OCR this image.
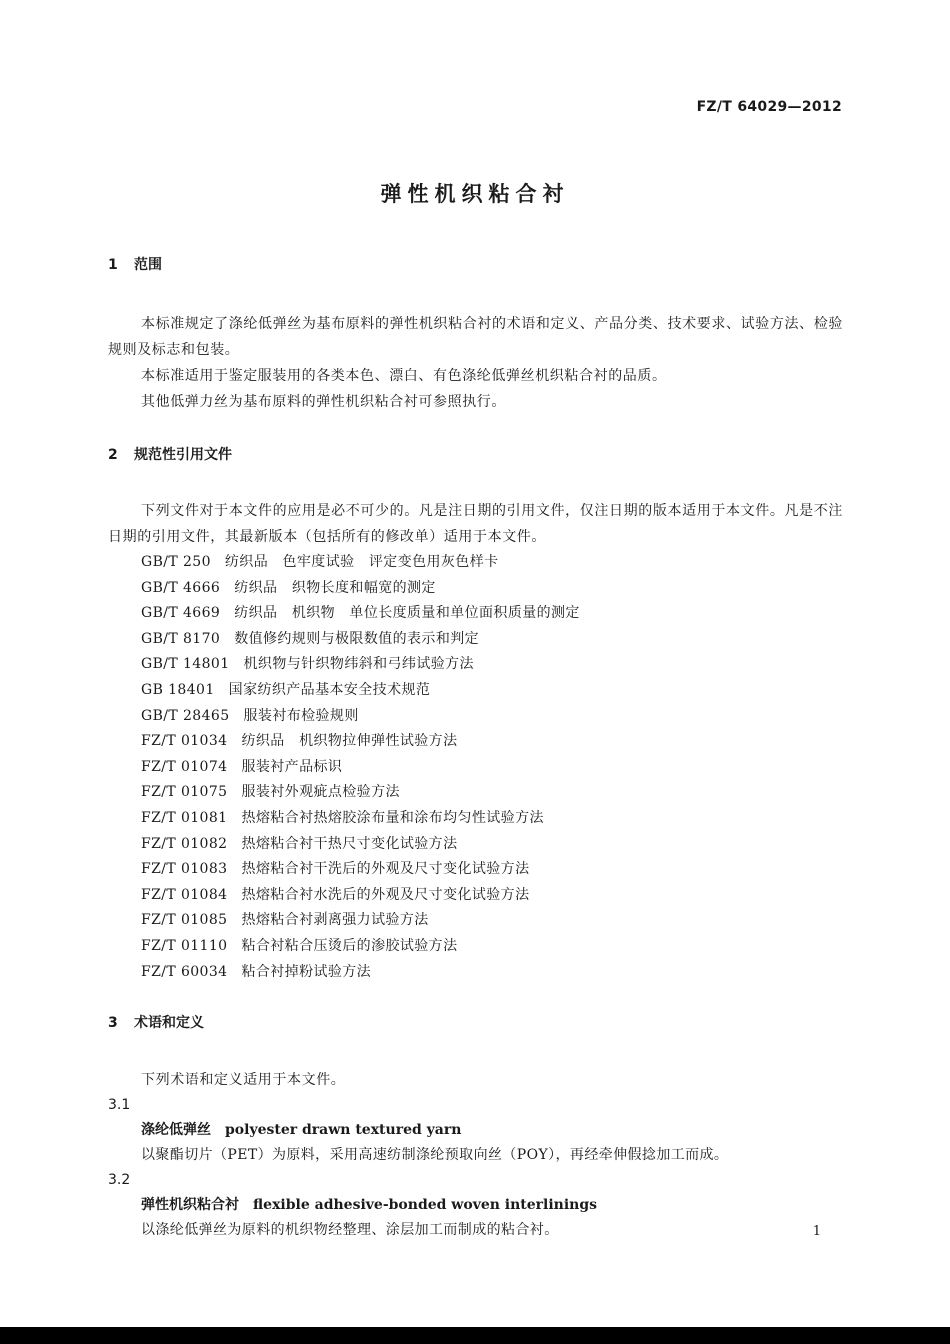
FZ/T 64029—2012
弹性机织粘合衬
1 范围
本标准规定了涤纶低弹丝为基布原料的弹性机织粘合衬的术语和定义、产品分类、技术要求、试验方法、检验规则及标志和包装。
本标准适用于鉴定服装用的各类本色、漂白、有色涤纶低弹丝机织粘合衬的品质。
其他低弹力丝为基布原料的弹性机织粘合衬可参照执行。
2 规范性引用文件
下列文件对于本文件的应用是必不可少的。凡是注日期的引用文件，仅注日期的版本适用于本文件。凡是不注日期的引用文件，其最新版本（包括所有的修改单）适用于本文件。
GB/T 250 纺织品　色牢度试验　评定变色用灰色样卡
GB/T 4666 纺织品　织物长度和幅宽的测定
GB/T 4669 纺织品　机织物　单位长度质量和单位面积质量的测定
GB/T 8170 数值修约规则与极限数值的表示和判定
GB/T 14801 机织物与针织物纬斜和弓纬试验方法
GB 18401 国家纺织产品基本安全技术规范
GB/T 28465 服装衬布检验规则
FZ/T 01034 纺织品　机织物拉伸弹性试验方法
FZ/T 01074 服装衬产品标识
FZ/T 01075 服装衬外观疵点检验方法
FZ/T 01081 热熔粘合衬热熔胶涂布量和涂布均匀性试验方法
FZ/T 01082 热熔粘合衬干热尺寸变化试验方法
FZ/T 01083 热熔粘合衬干洗后的外观及尺寸变化试验方法
FZ/T 01084 热熔粘合衬水洗后的外观及尺寸变化试验方法
FZ/T 01085 热熔粘合衬剥离强力试验方法
FZ/T 01110 粘合衬粘合压烫后的渗胶试验方法
FZ/T 60034 粘合衬掉粉试验方法
3 术语和定义
下列术语和定义适用于本文件。
3.1
涤纶低弹丝 polyester drawn textured yarn
以聚酯切片（PET）为原料，采用高速纺制涤纶预取向丝（POY），再经牵伸假捻加工而成。
3.2
弹性机织粘合衬 flexible adhesive-bonded woven interlinings
以涤纶低弹丝为原料的机织物经整理、涂层加工而制成的粘合衬。	1
